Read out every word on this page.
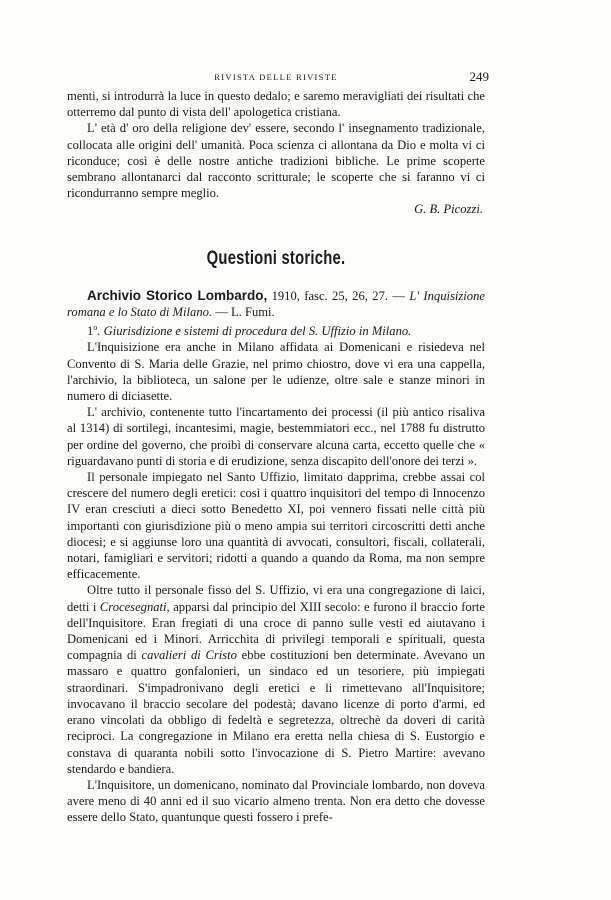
RIVISTA DELLE RIVISTE	249

menti, si introdurrà la luce in questo dedalo; e saremo meravigliati dei risultati che otterremo dal punto di vista dell' apologetica cristiana.

L' età d' oro della religione dev' essere, secondo l' insegnamento tradizionale, collocata alle origini dell' umanità. Poca scienza ci allontana da Dio e molta vi ci riconduce; così è delle nostre antiche tradizioni bibliche. Le prime scoperte sembrano allontanarci dal racconto scritturale; le scoperte che si faranno vi ci ricondurranno sempre meglio.

G. B. Picozzi.

Questioni storiche.

Archivio Storico Lombardo, 1910, fasc. 25, 26, 27. — L' Inquisizione romana e lo Stato di Milano. — L. Fumi.

1$^o$. Giurisdizione e sistemi di procedura del S. Uffizio in Milano.

L'Inquisizione era anche in Milano affidata ai Domenicani e risiedeva nel Convento di S. Maria delle Grazie, nel primo chiostro, dove vi era una cappella, l'archivio, la biblioteca, un salone per le udienze, oltre sale e stanze minori in numero di diciasette.

L' archivio, contenente tutto l'incartamento dei processi (il più antico risaliva al 1314) di sortilegi, incantesimi, magie, bestemmiatori ecc., nel 1788 fu distrutto per ordine del governo, che proibì di conservare alcuna carta, eccetto quelle che « riguardavano punti di storia e di erudizione, senza discapito dell'onore dei terzi ».

Il personale impiegato nel Santo Uffizio, limitato dapprima, crebbe assai col crescere del numero degli eretici: così i quattro inquisitori del tempo di Innocenzo IV eran cresciuti a dieci sotto Benedetto XI, poi vennero fissati nelle città più importanti con giurisdizione più o meno ampia sui territori circoscritti detti anche diocesi; e si aggiunse loro una quantità di avvocati, consultori, fiscali, collaterali, notari, famigliari e servitori; ridotti a quando a quando da Roma, ma non sempre efficacemente.

Oltre tutto il personale fisso del S. Uffizio, vi era una congregazione di laici, detti i Crocesegnati, apparsi dal principio del XIII secolo: e furono il braccio forte dell'Inquisitore. Eran fregiati di una croce di panno sulle vesti ed aiutavano i Domenicani ed i Minori. Arricchita di privilegi temporali e spirituali, questa compagnia di cavalieri di Cristo ebbe costituzioni ben determinate. Avevano un massaro e quattro gonfalonieri, un sindaco ed un tesoriere, più impiegati straordinari. S'impadronivano degli eretici e li rimettevano all'Inquisitore; invocavano il braccio secolare del podestà; davano licenze di porto d'armi, ed erano vincolati da obbligo di fedeltà e segretezza, oltrechè da doveri di carità reciproci. La congregazione in Milano era eretta nella chiesa di S. Eustorgio e constava di quaranta nobili sotto l'invocazione di S. Pietro Martire: avevano stendardo e bandiera.

L'Inquisitore, un domenicano, nominato dal Provinciale lombardo, non doveva avere meno di 40 anni ed il suo vicario almeno trenta. Non era detto che dovesse essere dello Stato, quantunque questi fossero i prefe-
